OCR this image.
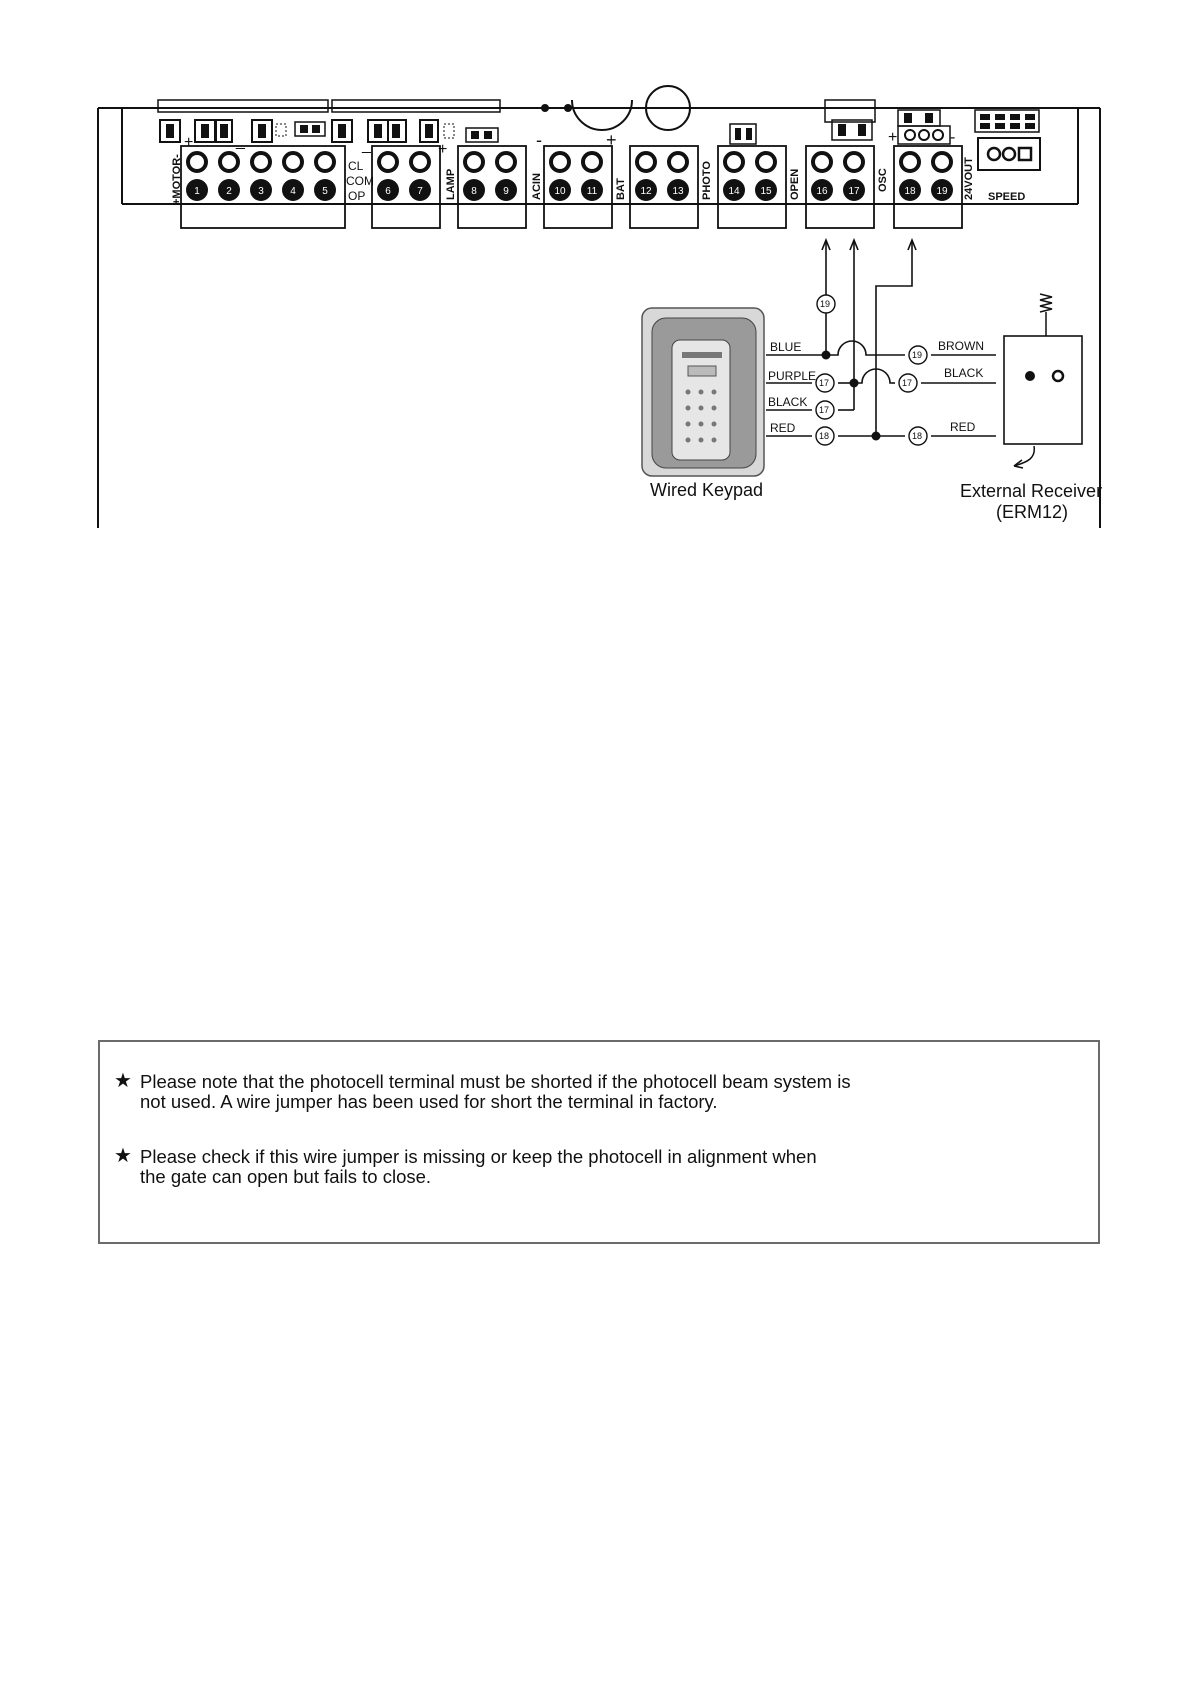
+	-
+	_	_	+	-	+
1	2	3	4	5	6	7	8	9	10 11	12 13	14 15	16 17	18 19
+MOTOR-	CL
COM
OP	LAMP	ACIN	BAT	PHOTO	OPEN	OSC	24VOUT SPEED
19
17
17
18
19
17
18
BLUE
PURPLE
BLACK
RED
BROWN
BLACK
RED
Wired Keypad	External Receiver
(ERM12)
★ Please note that the photocell terminal must be shorted if the photocell beam system is
not used. A wire jumper has been used for short the terminal in factory.
★ Please check if this wire jumper is missing or keep the photocell in alignment when
the gate can open but fails to close.
